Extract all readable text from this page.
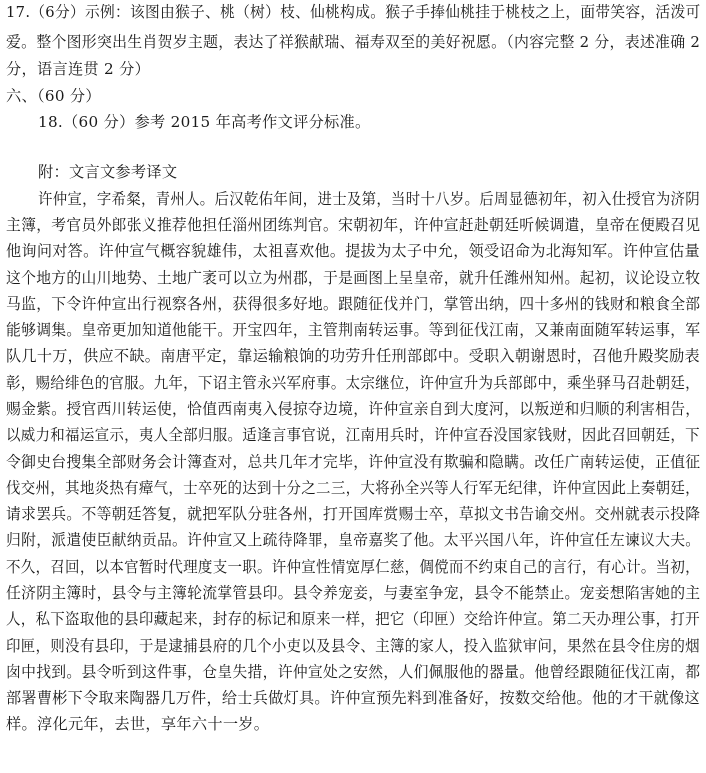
17.（6分）示例：该图由猴子、桃（树）枝、仙桃构成。猴子手捧仙桃挂于桃枝之上，面带笑容，活泼可
爱。整个图形突出生肖贺岁主题，表达了祥猴献瑞、福寿双至的美好祝愿。（内容完整 2 分，表述准确 2
分，语言连贯 2 分）
六、（60 分）
18.（60 分）参考 2015 年高考作文评分标准。
附：文言文参考译文
许仲宣，字希粲，青州人。后汉乾佑年间，进士及第，当时十八岁。后周显德初年，初入仕授官为济阴
主簿，考官员外郎张义推荐他担任淄州团练判官。宋朝初年，许仲宣赶赴朝廷听候调遣，皇帝在便殿召见
他询问对答。许仲宣气概容貌雄伟，太祖喜欢他。提拔为太子中允，领受诏命为北海知军。许仲宣估量
这个地方的山川地势、土地广袤可以立为州郡，于是画图上呈皇帝，就升任潍州知州。起初，议论设立牧
马监，下令许仲宣出行视察各州，获得很多好地。跟随征伐并门，掌管出纳，四十多州的钱财和粮食全部
能够调集。皇帝更加知道他能干。开宝四年，主管荆南转运事。等到征伐江南，又兼南面随军转运事，军
队几十万，供应不缺。南唐平定，靠运输粮饷的功劳升任刑部郎中。受职入朝谢恩时，召他升殿奖励表
彰，赐给绯色的官服。九年，下诏主管永兴军府事。太宗继位，许仲宣升为兵部郎中，乘坐驿马召赴朝廷，
赐金紫。授官西川转运使，恰值西南夷入侵掠夺边境，许仲宣亲自到大度河，以叛逆和归顺的利害相告，
以威力和福运宣示，夷人全部归服。适逢言事官说，江南用兵时，许仲宣吞没国家钱财，因此召回朝廷，下
令御史台搜集全部财务会计簿查对，总共几年才完毕，许仲宣没有欺骗和隐瞒。改任广南转运使，正值征
伐交州，其地炎热有瘴气，士卒死的达到十分之二三，大将孙全兴等人行军无纪律，许仲宣因此上奏朝廷，
请求罢兵。不等朝廷答复，就把军队分驻各州，打开国库赏赐士卒，草拟文书告谕交州。交州就表示投降
归附，派遣使臣献纳贡品。许仲宣又上疏待降罪，皇帝嘉奖了他。太平兴国八年，许仲宣任左谏议大夫。
不久，召回，以本官暂时代理度支一职。许仲宣性情宽厚仁慈，倜傥而不约束自己的言行，有心计。当初，
任济阴主簿时，县令与主簿轮流掌管县印。县令养宠妾，与妻室争宠，县令不能禁止。宠妾想陷害她的主
人，私下盗取他的县印藏起来，封存的标记和原来一样，把它（印匣）交给许仲宣。第二天办理公事，打开
印匣，则没有县印，于是逮捕县府的几个小吏以及县令、主簿的家人，投入监狱审问，果然在县令住房的烟
囱中找到。县令听到这件事，仓皇失措，许仲宣处之安然，人们佩服他的器量。他曾经跟随征伐江南，都
部署曹彬下令取来陶器几万件，给士兵做灯具。许仲宣预先料到准备好，按数交给他。他的才干就像这
样。淳化元年，去世，享年六十一岁。
